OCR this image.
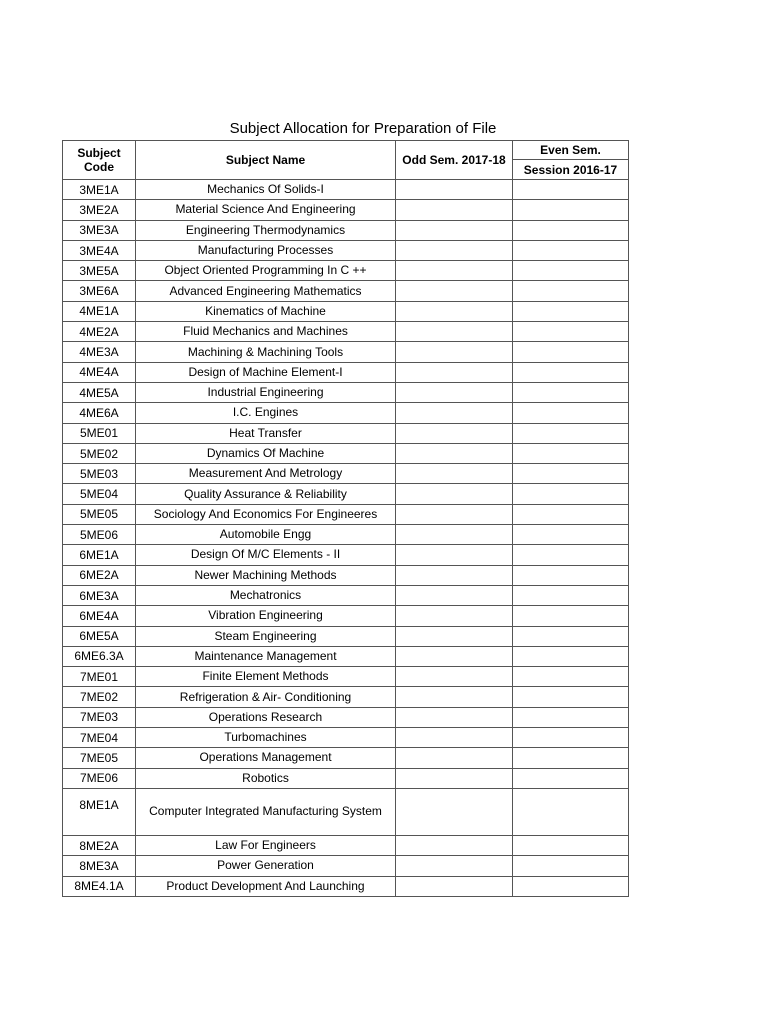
Subject Allocation for Preparation of File
Subject Code	Subject Name	Odd Sem. 2017-18	Even Sem.
			Session 2016-17
3ME1A	Mechanics Of Solids-I		
3ME2A	Material Science And Engineering		
3ME3A	Engineering Thermodynamics		
3ME4A	Manufacturing Processes		
3ME5A	Object Oriented Programming In C ++		
3ME6A	Advanced Engineering Mathematics		
4ME1A	Kinematics of Machine		
4ME2A	Fluid Mechanics and Machines		
4ME3A	Machining & Machining Tools		
4ME4A	Design of Machine Element-I		
4ME5A	Industrial Engineering		
4ME6A	I.C. Engines		
5ME01	Heat Transfer		
5ME02	Dynamics Of Machine		
5ME03	Measurement And Metrology		
5ME04	Quality Assurance & Reliability		
5ME05	Sociology And Economics For Engineeres		
5ME06	Automobile Engg		
6ME1A	Design Of M/C Elements - II		
6ME2A	Newer Machining Methods		
6ME3A	Mechatronics		
6ME4A	Vibration Engineering		
6ME5A	Steam Engineering		
6ME6.3A	Maintenance Management		
7ME01	Finite Element Methods		
7ME02	Refrigeration & Air- Conditioning		
7ME03	Operations Research		
7ME04	Turbomachines		
7ME05	Operations Management		
7ME06	Robotics		
8ME1A	Computer Integrated Manufacturing System		
8ME2A	Law For Engineers		
8ME3A	Power Generation		
8ME4.1A	Product Development And Launching		
